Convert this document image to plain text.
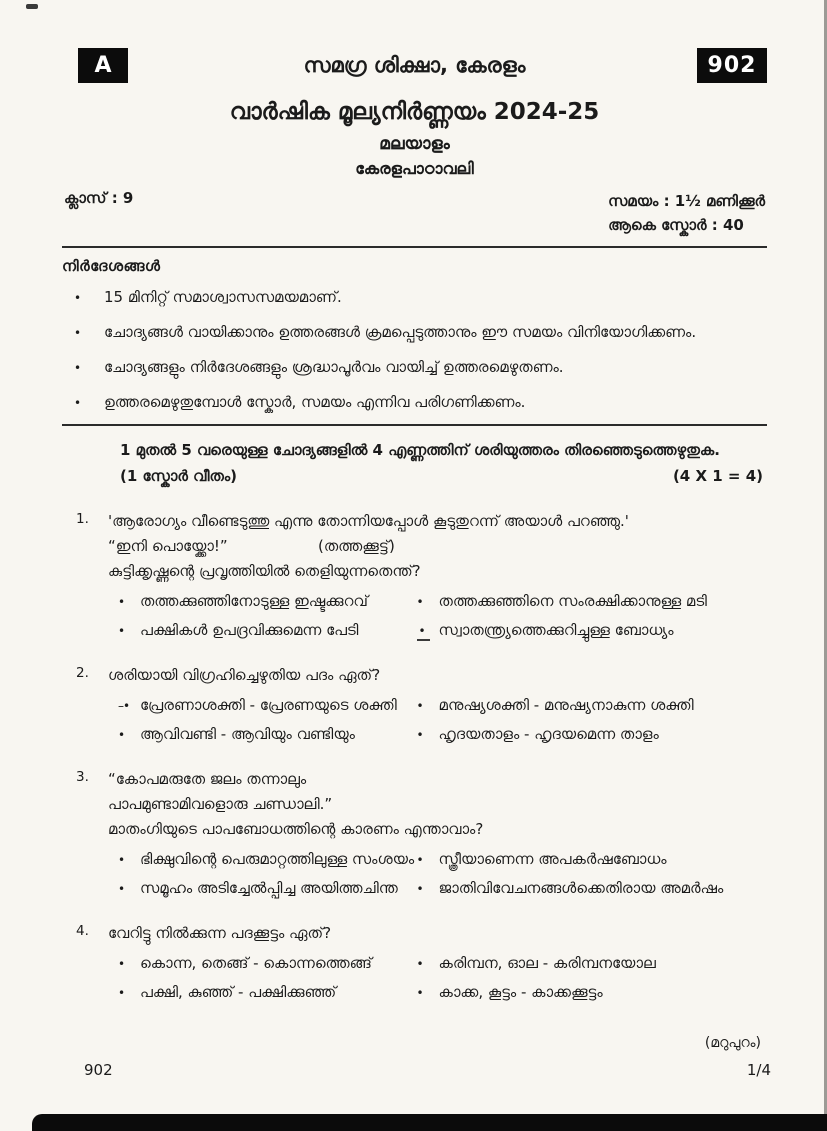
A	സമഗ്ര ശിക്ഷാ, കേരളം	902
വാർഷിക മൂല്യനിർണ്ണയം 2024-25
മലയാളം
കേരളപാഠാവലി
ക്ലാസ് : 9	സമയം : 1½ മണിക്കൂർ
ആകെ സ്കോർ : 40
നിർദേശങ്ങൾ
•
15 മിനിറ്റ് സമാശ്വാസസമയമാണ്.
•
ചോദ്യങ്ങൾ വായിക്കാനും ഉത്തരങ്ങൾ ക്രമപ്പെടുത്താനും ഈ സമയം വിനിയോഗിക്കണം.
•
ചോദ്യങ്ങളും നിർദേശങ്ങളും ശ്രദ്ധാപൂർവം വായിച്ച് ഉത്തരമെഴുതണം.
•
ഉത്തരമെഴുതുമ്പോൾ സ്കോർ, സമയം എന്നിവ പരിഗണിക്കണം.
1 മുതൽ 5 വരെയുള്ള ചോദ്യങ്ങളിൽ 4 എണ്ണത്തിന് ശരിയുത്തരം തിരഞ്ഞെടുത്തെഴുതുക.
(1 സ്കോർ വീതം)	(4 X 1 = 4)
1.	'ആരോഗ്യം വീണ്ടെടുത്തു എന്നു തോന്നിയപ്പോൾ കൂടുതുറന്ന് അയാൾ പറഞ്ഞു.'
“ഇനി പൊയ്ക്കോ!”	(തത്തക്കൂട്ട്)
കുട്ടിക്കൃഷ്ണന്റെ പ്രവൃത്തിയിൽ തെളിയുന്നതെന്ത്?
•
തത്തക്കുഞ്ഞിനോടുള്ള ഇഷ്ടക്കുറവ് •	തത്തക്കുഞ്ഞിനെ സംരക്ഷിക്കാനുള്ള മടി
•
പക്ഷികൾ ഉപദ്രവിക്കുമെന്ന പേടി •	സ്വാതന്ത്ര്യത്തെക്കുറിച്ചുള്ള ബോധ്യം
2.	ശരിയായി വിഗ്രഹിച്ചെഴുതിയ പദം ഏത്?
–•
പ്രേരണാശക്തി - പ്രേരണയുടെ ശക്തി •	മനുഷ്യശക്തി - മനുഷ്യനാകുന്ന ശക്തി
•
ആവിവണ്ടി - ആവിയും വണ്ടിയും •	ഹൃദയതാളം - ഹൃദയമെന്ന താളം
3.	“കോപമരുതേ ജലം തന്നാലും
പാപമുണ്ടാമിവളൊരു ചണ്ഡാലി.”
മാതംഗിയുടെ പാപബോധത്തിന്റെ കാരണം എന്താവാം?
•
ഭിക്ഷുവിന്റെ പെരുമാറ്റത്തിലുള്ള സംശയം • സ്ത്രീയാണെന്ന അപകർഷബോധം
•
സമൂഹം അടിച്ചേൽപ്പിച്ച അയിത്തചിന്ത •	ജാതിവിവേചനങ്ങൾക്കെതിരായ അമർഷം
4.	വേറിട്ടു നിൽക്കുന്ന പദക്കൂട്ടം ഏത്?
•
കൊന്ന, തെങ്ങ് - കൊന്നത്തെങ്ങ് •	കരിമ്പന, ഓല - കരിമ്പനയോല
•
പക്ഷി, കുഞ്ഞ് - പക്ഷിക്കുഞ്ഞ് •	കാക്ക, കൂട്ടം - കാക്കക്കൂട്ടം
(മറുപുറം)
902	1/4
